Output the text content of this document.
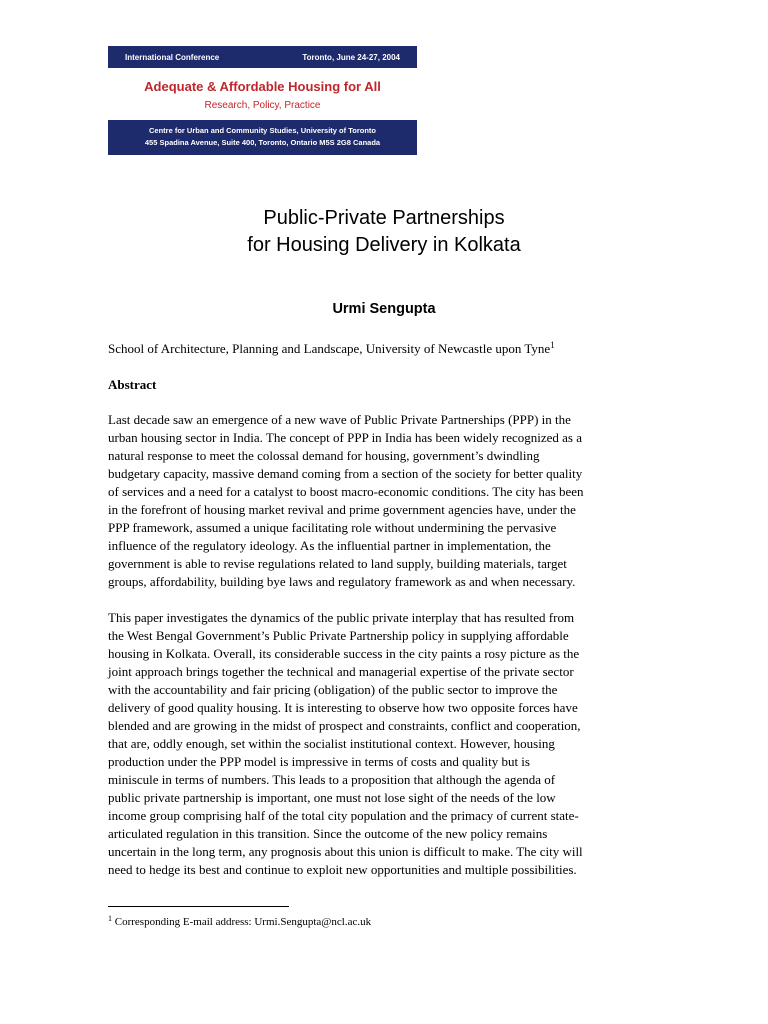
International Conference	Toronto, June 24-27, 2004
Adequate & Affordable Housing for All
Research, Policy, Practice
Centre for Urban and Community Studies, University of Toronto
455 Spadina Avenue, Suite 400, Toronto, Ontario M5S 2G8 Canada
Public-Private Partnerships
for Housing Delivery in Kolkata
Urmi Sengupta
School of Architecture, Planning and Landscape, University of Newcastle upon Tyne$^1$
Abstract
Last decade saw an emergence of a new wave of Public Private Partnerships (PPP) in the
urban housing sector in India. The concept of PPP in India has been widely recognized as a
natural response to meet the colossal demand for housing, government’s dwindling
budgetary capacity, massive demand coming from a section of the society for better quality
of services and a need for a catalyst to boost macro-economic conditions. The city has been
in the forefront of housing market revival and prime government agencies have, under the
PPP framework, assumed a unique facilitating role without undermining the pervasive
influence of the regulatory ideology. As the influential partner in implementation, the
government is able to revise regulations related to land supply, building materials, target
groups, affordability, building bye laws and regulatory framework as and when necessary.
This paper investigates the dynamics of the public private interplay that has resulted from
the West Bengal Government’s Public Private Partnership policy in supplying affordable
housing in Kolkata. Overall, its considerable success in the city paints a rosy picture as the
joint approach brings together the technical and managerial expertise of the private sector
with the accountability and fair pricing (obligation) of the public sector to improve the
delivery of good quality housing. It is interesting to observe how two opposite forces have
blended and are growing in the midst of prospect and constraints, conflict and cooperation,
that are, oddly enough, set within the socialist institutional context. However, housing
production under the PPP model is impressive in terms of costs and quality but is
miniscule in terms of numbers. This leads to a proposition that although the agenda of
public private partnership is important, one must not lose sight of the needs of the low
income group comprising half of the total city population and the primacy of current state-
articulated regulation in this transition. Since the outcome of the new policy remains
uncertain in the long term, any prognosis about this union is difficult to make. The city will
need to hedge its best and continue to exploit new opportunities and multiple possibilities.
$^1$ Corresponding E-mail address: Urmi.Sengupta@ncl.ac.uk
